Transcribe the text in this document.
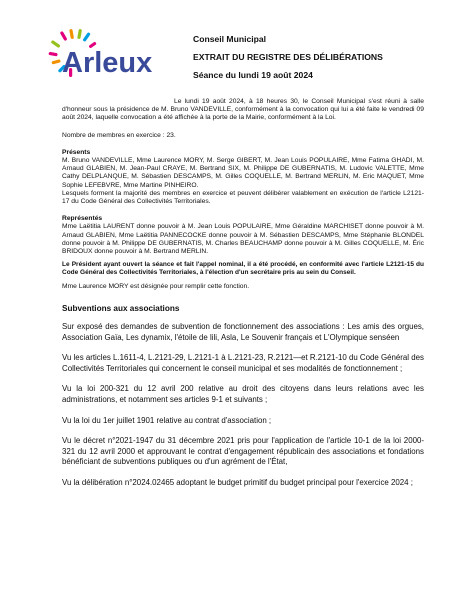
Arleux
Conseil Municipal
EXTRAIT DU REGISTRE DES DÉLIBÉRATIONS
Séance du lundi 19 août 2024

Le lundi 19 août 2024, à 18 heures 30, le Conseil Municipal s'est réuni à salle d'honneur sous la présidence de M. Bruno VANDEVILLE, conformément à la convocation qui lui a été faite le vendredi 09 août 2024, laquelle convocation a été affichée à la porte de la Mairie, conformément à la Loi.

Nombre de membres en exercice : 23.

Présents

M. Bruno VANDEVILLE, Mme Laurence MORY, M. Serge GIBERT, M. Jean Louis POPULAIRE, Mme Fatima GHADI, M. Arnaud GLABIEN, M. Jean-Paul CRAYE, M. Bertrand SIX, M. Philippe DE GUBERNATIS, M. Ludovic VALETTE, Mme Cathy DELPLANQUE, M. Sébastien DESCAMPS, M. Gilles COQUELLE, M. Bertrand MERLIN, M. Eric MAQUET, Mme Sophie LEFEBVRE, Mme Martine PINHEIRO.

Lesquels forment la majorité des membres en exercice et peuvent délibérer valablement en exécution de l'article L2121-17 du Code Général des Collectivités Territoriales.

Représentés

Mme Laëtitia LAURENT donne pouvoir à M. Jean Louis POPULAIRE, Mme Géraldine MARCHISET donne pouvoir à M. Arnaud GLABIEN, Mme Laëtitia PANNECOCKE donne pouvoir à M. Sébastien DESCAMPS, Mme Stéphanie BLONDEL donne pouvoir à M. Philippe DE GUBERNATIS, M. Charles BEAUCHAMP donne pouvoir à M. Gilles COQUELLE, M. Éric BRIDOUX donne pouvoir à M. Bertrand MERLIN.

Le Président ayant ouvert la séance et fait l'appel nominal, il a été procédé, en conformité avec l'article L2121-15 du Code Général des Collectivités Territoriales, à l'élection d'un secrétaire pris au sein du Conseil.

Mme Laurence MORY est désignée pour remplir cette fonction.

Subventions aux associations

Sur exposé des demandes de subvention de fonctionnement des associations : Les amis des orgues, Association Gaïa, Les dynamix, l'étoile de lili, Asla, Le Souvenir français et L'Olympique senséen

Vu les articles L.1611-4, L.2121-29, L.2121-1 à L.2121-23, R.2121—et R.2121-10 du Code Général des Collectivités Territoriales qui concernent le conseil municipal et ses modalités de fonctionnement ;

Vu la loi 200-321 du 12 avril 200 relative au droit des citoyens dans leurs relations avec les administrations, et notamment ses articles 9-1 et suivants ;

Vu la loi du 1er juillet 1901 relative au contrat d'association ;

Vu le décret n°2021-1947 du 31 décembre 2021 pris pour l'application de l'article 10-1 de la loi 2000-321 du 12 avril 2000 et approuvant le contrat d'engagement républicain des associations et fondations bénéficiant de subventions publiques ou d'un agrément de l'État,

Vu la délibération n°2024.02465 adoptant le budget primitif du budget principal pour l'exercice 2024 ;
